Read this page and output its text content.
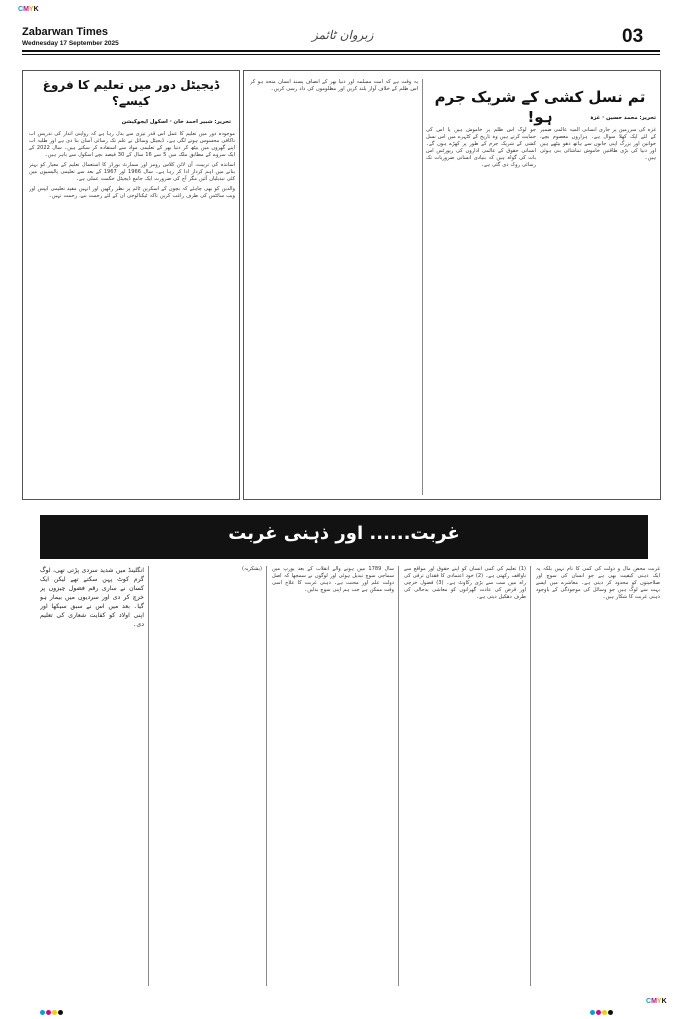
CMYK
CMYK
Zabarwan Times
Wednesday 17 September 2025
زبروان ٹائمز	03
ڈیجیٹل دور میں تعلیم کا فروغ کیسے؟
تحریر: شبیر احمد خان · اسکول ایجوکیشن

موجودہ دور میں تعلیم کا عمل اس قدر تیزی سے بدل رہا ہے کہ روایتی انداز کی تدریس اب ناکافی محسوس ہونے لگی ہے۔ ڈیجیٹل وسائل نے علم تک رسائی آسان بنا دی ہے اور طلبہ اب اپنے گھروں میں بیٹھ کر دنیا بھر کے تعلیمی مواد سے استفادہ کر سکتے ہیں۔ سال 2022 کے ایک سروے کے مطابق ملک میں 5 سے 16 سال کے 30 فیصد بچے اسکول سے باہر ہیں۔

اساتذہ کی تربیت، آن لائن کلاس رومز اور سمارٹ بورڈز کا استعمال تعلیم کے معیار کو بہتر بنانے میں اہم کردار ادا کر رہا ہے۔ سال 1966 اور 1967 کے بعد سے تعلیمی پالیسیوں میں کئی تبدیلیاں آئیں مگر آج کی ضرورت ایک جامع ڈیجیٹل حکمت عملی ہے۔

والدین کو بھی چاہئے کہ بچوں کے اسکرین ٹائم پر نظر رکھیں اور انہیں مفید تعلیمی ایپس اور ویب سائٹس کی طرف راغب کریں تاکہ ٹیکنالوجی ان کے لئے رحمت بنے، زحمت نہیں۔

تم نسل کشی کے شریک جرم ہو!	تحریر: محمد حسین · غزہ

یہ وقت ہے کہ امت مسلمہ اور دنیا بھر کے انصاف پسند انسان متحد ہو کر اس ظلم کے خلاف آواز بلند کریں اور مظلوموں کی داد رسی کریں۔

جو لوگ اس ظلم پر خاموش ہیں یا اس کی حمایت کرتے ہیں وہ تاریخ کے کٹہرے میں اس نسل کشی کے شریک جرم کے طور پر کھڑے ہوں گے۔ انسانی حقوق کے عالمی اداروں کی رپورٹس اس بات کی گواہ ہیں کہ بنیادی انسانی ضروریات تک رسائی روک دی گئی ہے۔

غزہ کی سرزمین پر جاری انسانی المیہ عالمی ضمیر کے لئے ایک کھلا سوال ہے۔ ہزاروں معصوم بچے، خواتین اور بزرگ اپنی جانوں سے ہاتھ دھو بیٹھے ہیں اور دنیا کی بڑی طاقتیں خاموش تماشائی بنی ہوئی ہیں۔

غربت...... اور ذہنی غربت

غربت محض مال و دولت کی کمی کا نام نہیں بلکہ یہ ایک ذہنی کیفیت بھی ہے جو انسان کی سوچ اور صلاحیتوں کو محدود کر دیتی ہے۔ معاشرے میں ایسے بہت سے لوگ ہیں جو وسائل کی موجودگی کے باوجود ذہنی غربت کا شکار ہیں۔

(1) تعلیم کی کمی انسان کو اپنے حقوق اور مواقع سے ناواقف رکھتی ہے۔ (2) خود اعتمادی کا فقدان ترقی کی راہ میں سب سے بڑی رکاوٹ ہے۔ (3) فضول خرچی اور قرض کی عادت گھرانوں کو معاشی بدحالی کی طرف دھکیل دیتی ہے۔

سال 1789 میں ہونے والے انقلاب کے بعد یورپ میں سماجی سوچ تبدیل ہوئی اور لوگوں نے سمجھا کہ اصل دولت علم اور محنت ہے۔ ذہنی غربت کا علاج اسی وقت ممکن ہے جب ہم اپنی سوچ بدلیں۔

(بشکریہ)

انگلینڈ میں شدید سردی پڑتی تھی، لوگ گرم کوٹ پہن سکتے تھے لیکن ایک کسان نے ساری رقم فضول چیزوں پر خرچ کر دی اور سردیوں میں بیمار ہو گیا۔ بعد میں اس نے سبق سیکھا اور اپنی اولاد کو کفایت شعاری کی تعلیم دی۔
